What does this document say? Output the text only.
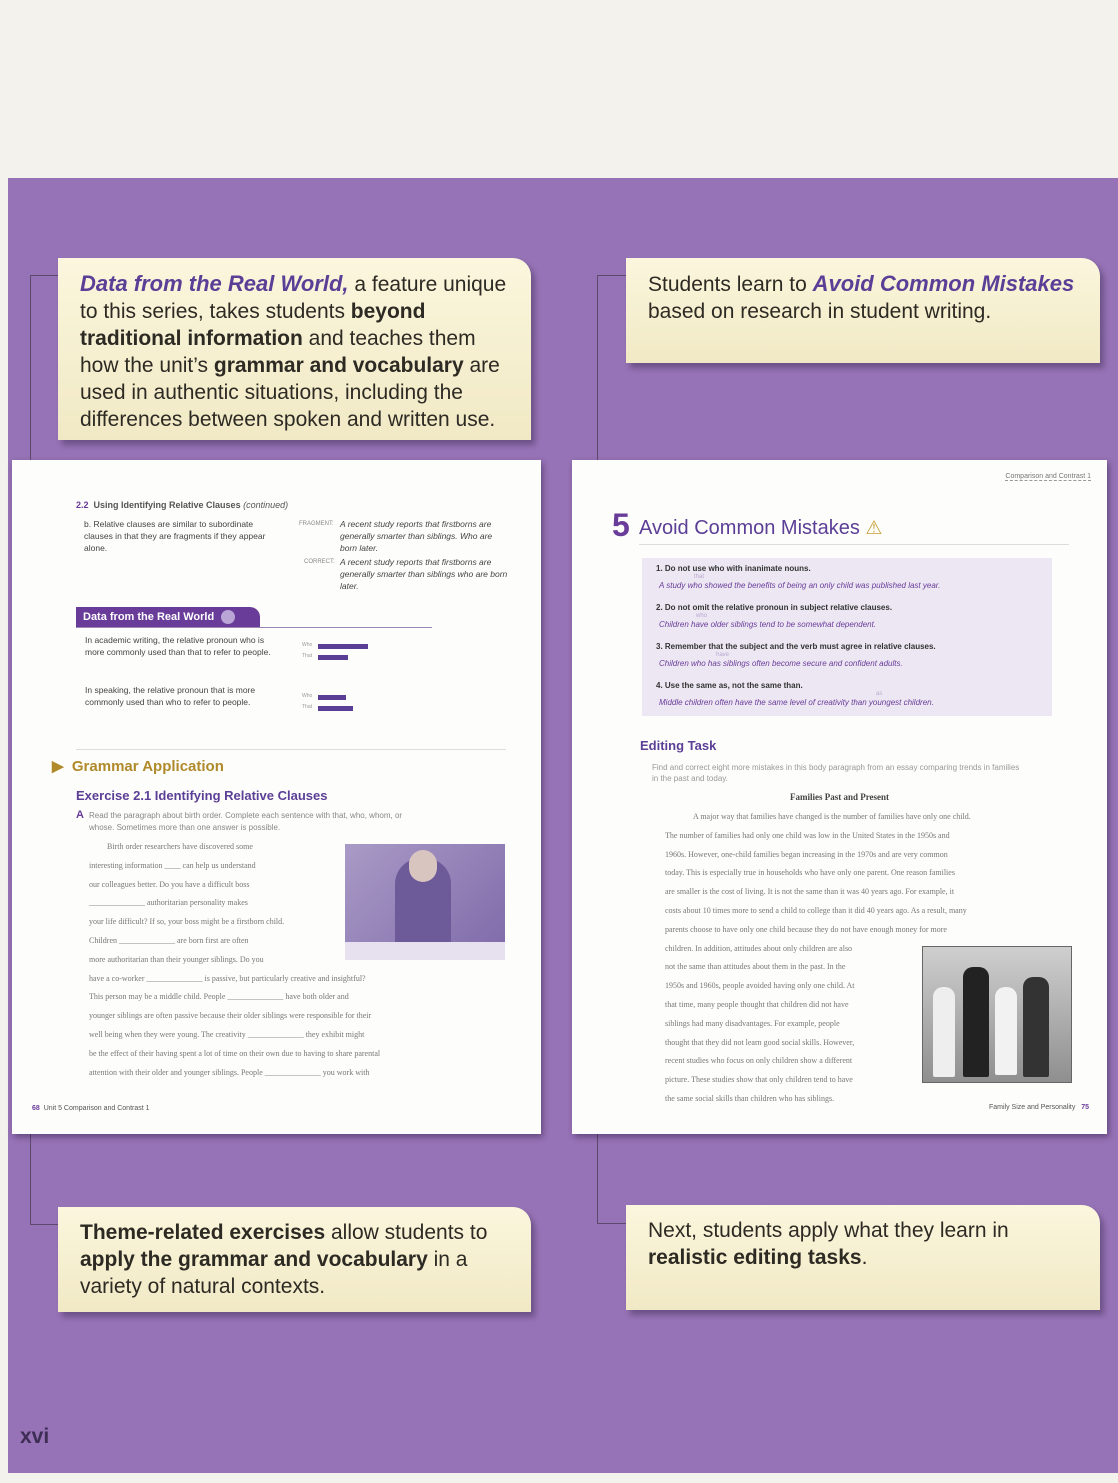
Data from the Real World, a feature unique to this series, takes students beyond traditional information and teaches them how the unit’s grammar and vocabulary are used in authentic situations, including the differences between spoken and written use.
Students learn to Avoid Common Mistakes based on research in student writing.
Theme-related exercises allow students to apply the grammar and vocabulary in a variety of natural contexts.
Next, students apply what they learn in realistic editing tasks.
2.2 Using Identifying Relative Clauses (continued)
b. Relative clauses are similar to subordinate clauses in that they are fragments if they appear alone.
FRAGMENT: A recent study reports that firstborns are generally smarter than siblings. Who are born later.
CORRECT: A recent study reports that firstborns are generally smarter than siblings who are born later.
Data from the Real World
In academic writing, the relative pronoun who is more commonly used than that to refer to people.
In speaking, the relative pronoun that is more commonly used than who to refer to people.
Who
That
Who
That
▶ Grammar Application
Exercise 2.1 Identifying Relative Clauses
A Read the paragraph about birth order. Complete each sentence with that, who, whom, or whose. Sometimes more than one answer is possible.
Birth order researchers have discovered some
interesting information ____ can help us understand
our colleagues better. Do you have a difficult boss
______________ authoritarian personality makes
your life difficult? If so, your boss might be a firstborn child.
Children ______________ are born first are often
more authoritarian than their younger siblings. Do you
have a co-worker ______________ is passive, but particularly creative and insightful?
This person may be a middle child. People ______________ have both older and
younger siblings are often passive because their older siblings were responsible for their
well being when they were young. The creativity ______________ they exhibit might
be the effect of their having spent a lot of time on their own due to having to share parental
attention with their older and younger siblings. People ______________ you work with
68 Unit 5 Comparison and Contrast 1
Comparison and Contrast 1
5 Avoid Common Mistakes ⚠
1. Do not use who with inanimate nouns.
that
A study who showed the benefits of being an only child was published last year.
2. Do not omit the relative pronoun in subject relative clauses.
who
Children have older siblings tend to be somewhat dependent.
3. Remember that the subject and the verb must agree in relative clauses.
have
Children who has siblings often become secure and confident adults.
4. Use the same as, not the same than.
as
Middle children often have the same level of creativity than youngest children.
Editing Task
Find and correct eight more mistakes in this body paragraph from an essay comparing trends in families in the past and today.
Families Past and Present
A major way that families have changed is the number of families have only one child.
The number of families had only one child was low in the United States in the 1950s and
1960s. However, one-child families began increasing in the 1970s and are very common
today. This is especially true in households who have only one parent. One reason families
are smaller is the cost of living. It is not the same than it was 40 years ago. For example, it
costs about 10 times more to send a child to college than it did 40 years ago. As a result, many
parents choose to have only one child because they do not have enough money for more
children. In addition, attitudes about only children are also
not the same than attitudes about them in the past. In the
1950s and 1960s, people avoided having only one child. At
that time, many people thought that children did not have
siblings had many disadvantages. For example, people
thought that they did not learn good social skills. However,
recent studies who focus on only children show a different
picture. These studies show that only children tend to have
the same social skills than children who has siblings.
Family Size and Personality 75
xvi
